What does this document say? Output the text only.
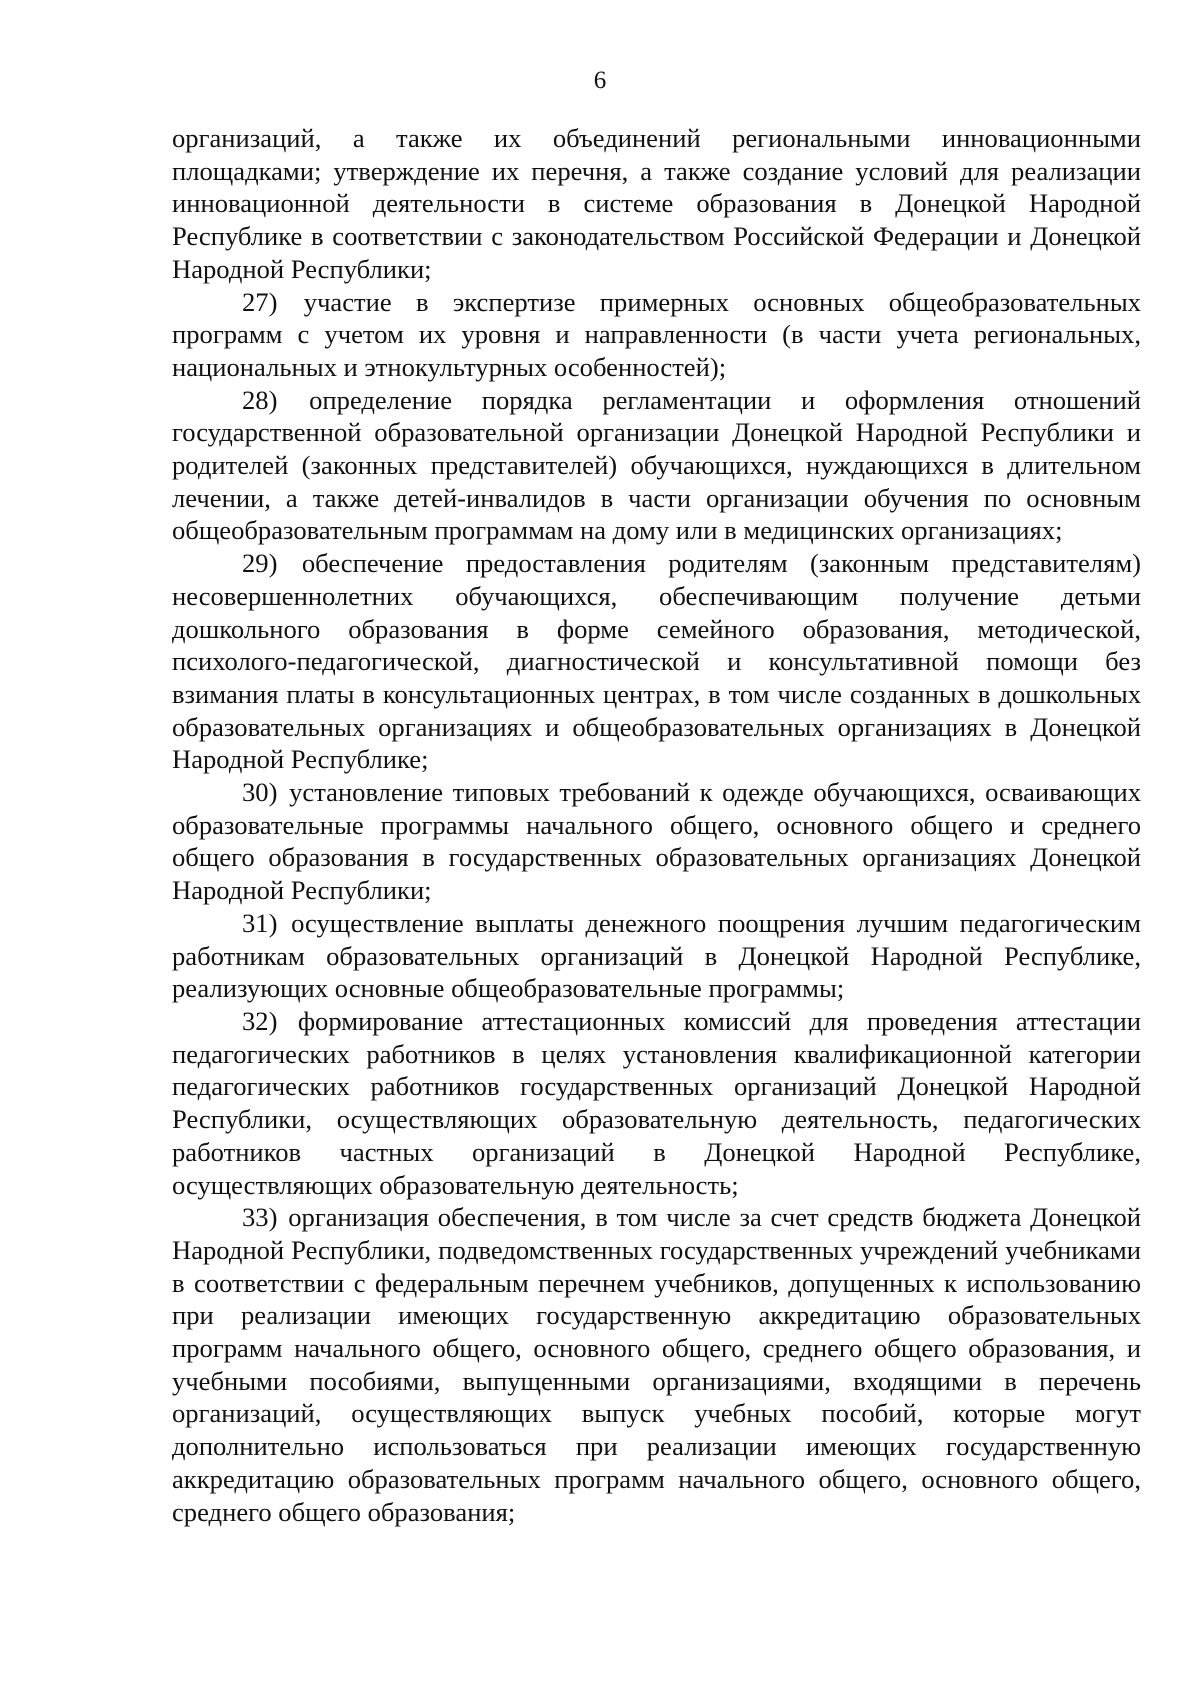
6

организаций, а также их объединений региональными инновационными площадками; утверждение их перечня, а также создание условий для реализации инновационной деятельности в системе образования в Донецкой Народной Республике в соответствии с законодательством Российской Федерации и Донецкой Народной Республики;

27) участие в экспертизе примерных основных общеобразовательных программ с учетом их уровня и направленности (в части учета региональных, национальных и этнокультурных особенностей);

28) определение порядка регламентации и оформления отношений государственной образовательной организации Донецкой Народной Республики и родителей (законных представителей) обучающихся, нуждающихся в длительном лечении, а также детей-инвалидов в части организации обучения по основным общеобразовательным программам на дому или в медицинских организациях;

29) обеспечение предоставления родителям (законным представителям) несовершеннолетних обучающихся, обеспечивающим получение детьми дошкольного образования в форме семейного образования, методической, психолого-педагогической, диагностической и консультативной помощи без взимания платы в консультационных центрах, в том числе созданных в дошкольных образовательных организациях и общеобразовательных организациях в Донецкой Народной Республике;

30) установление типовых требований к одежде обучающихся, осваивающих образовательные программы начального общего, основного общего и среднего общего образования в государственных образовательных организациях Донецкой Народной Республики;

31) осуществление выплаты денежного поощрения лучшим педагогическим работникам образовательных организаций в Донецкой Народной Республике, реализующих основные общеобразовательные программы;

32) формирование аттестационных комиссий для проведения аттестации педагогических работников в целях установления квалификационной категории педагогических работников государственных организаций Донецкой Народной Республики, осуществляющих образовательную деятельность, педагогических работников частных организаций в Донецкой Народной Республике, осуществляющих образовательную деятельность;

33) организация обеспечения, в том числе за счет средств бюджета Донецкой Народной Республики, подведомственных государственных учреждений учебниками в соответствии с федеральным перечнем учебников, допущенных к использованию при реализации имеющих государственную аккредитацию образовательных программ начального общего, основного общего, среднего общего образования, и учебными пособиями, выпущенными организациями, входящими в перечень организаций, осуществляющих выпуск учебных пособий, которые могут дополнительно использоваться при реализации имеющих государственную аккредитацию образовательных программ начального общего, основного общего, среднего общего образования;
